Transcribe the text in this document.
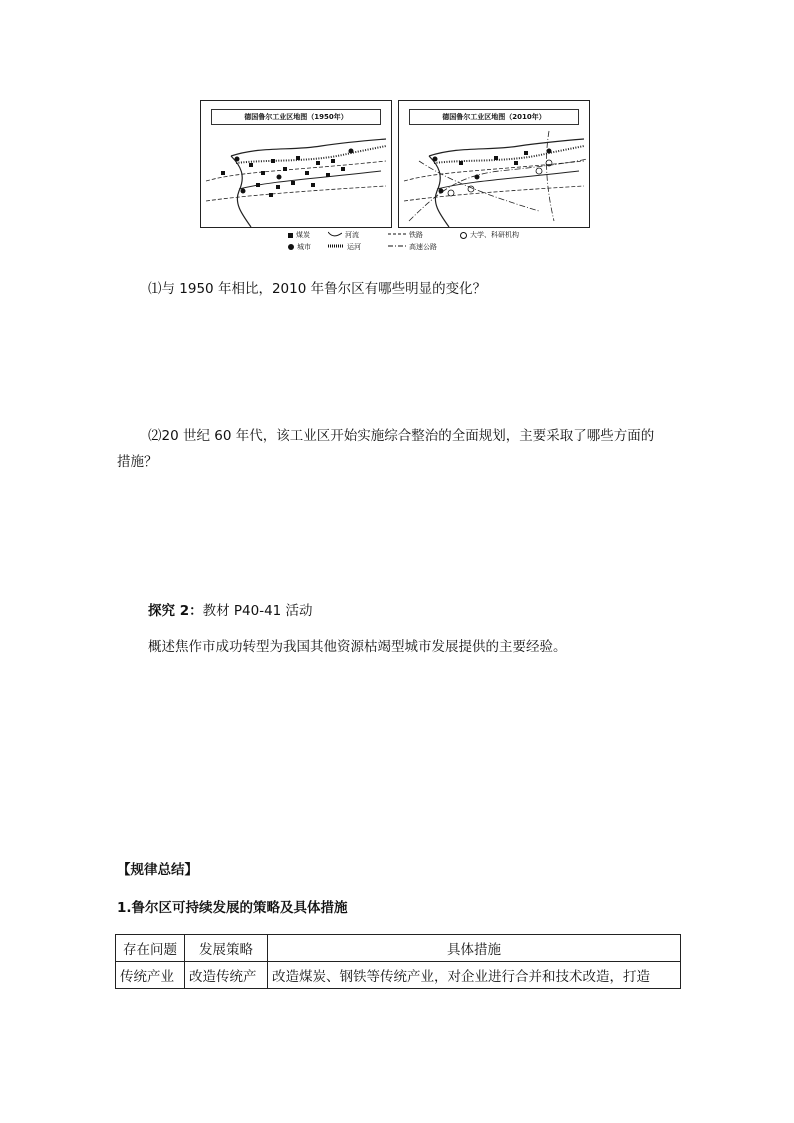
德国鲁尔工业区地图（1950年）	德国鲁尔工业区地图（2010年）
煤炭
城市
河流
运河
铁路
高速公路
大学、科研机构
⑴与 1950 年相比，2010 年鲁尔区有哪些明显的变化？
⑵20 世纪 60 年代，该工业区开始实施综合整治的全面规划，主要采取了哪些方面的
措施？
探究 2：教材 P40-41 活动
概述焦作市成功转型为我国其他资源枯竭型城市发展提供的主要经验。
【规律总结】
1.鲁尔区可持续发展的策略及具体措施
存在问题	发展策略	具体措施
传统产业	改造传统产	改造煤炭、钢铁等传统产业，对企业进行合并和技术改造，打造
